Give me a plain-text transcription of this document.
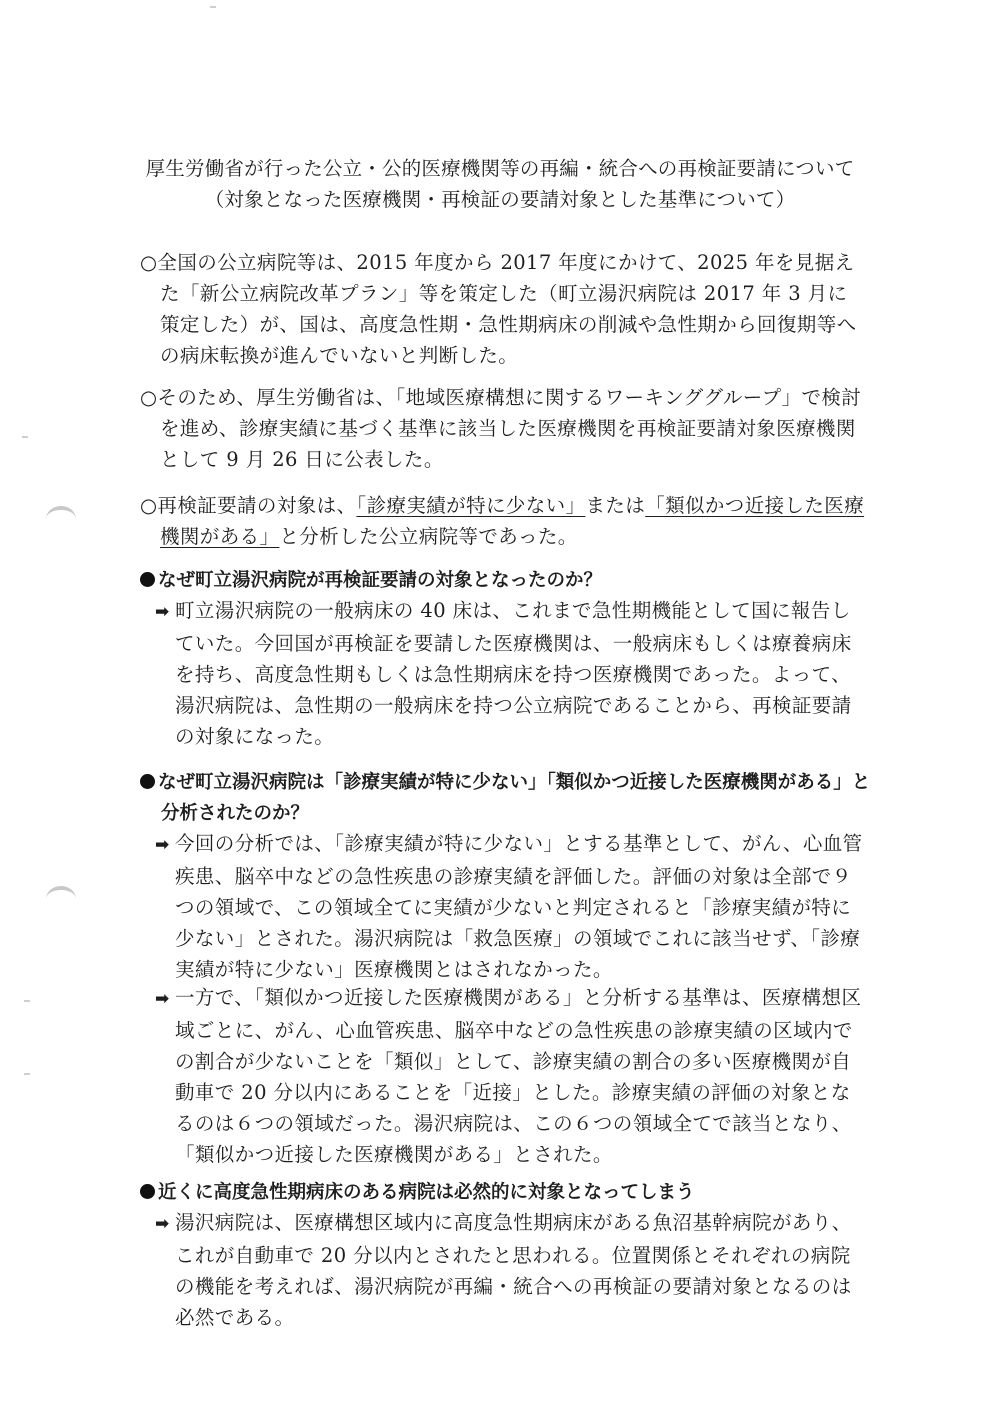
厚生労働省が行った公立・公的医療機関等の再編・統合への再検証要請について
（対象となった医療機関・再検証の要請対象とした基準について）
○全国の公立病院等は、2015 年度から 2017 年度にかけて、2025 年を見据えた「新公立病院改革プラン」等を策定した（町立湯沢病院は 2017 年 3 月に策定した）が、国は、高度急性期・急性期病床の削減や急性期から回復期等への病床転換が進んでいないと判断した。
○そのため、厚生労働省は、「地域医療構想に関するワーキンググループ」で検討を進め、診療実績に基づく基準に該当した医療機関を再検証要請対象医療機関として 9 月 26 日に公表した。
○再検証要請の対象は、「診療実績が特に少ない」または「類似かつ近接した医療機関がある」と分析した公立病院等であった。
なぜ町立湯沢病院が再検証要請の対象となったのか？
➡ 町立湯沢病院の一般病床の 40 床は、これまで急性期機能として国に報告していた。今回国が再検証を要請した医療機関は、一般病床もしくは療養病床を持ち、高度急性期もしくは急性期病床を持つ医療機関であった。よって、湯沢病院は、急性期の一般病床を持つ公立病院であることから、再検証要請の対象になった。
なぜ町立湯沢病院は「診療実績が特に少ない」「類似かつ近接した医療機関がある」と分析されたのか？
➡ 今回の分析では、「診療実績が特に少ない」とする基準として、がん、心血管疾患、脳卒中などの急性疾患の診療実績を評価した。評価の対象は全部で９つの領域で、この領域全てに実績が少ないと判定されると「診療実績が特に少ない」とされた。湯沢病院は「救急医療」の領域でこれに該当せず、「診療実績が特に少ない」医療機関とはされなかった。
➡ 一方で、「類似かつ近接した医療機関がある」と分析する基準は、医療構想区域ごとに、がん、心血管疾患、脳卒中などの急性疾患の診療実績の区域内での割合が少ないことを「類似」として、診療実績の割合の多い医療機関が自動車で 20 分以内にあることを「近接」とした。診療実績の評価の対象となるのは６つの領域だった。湯沢病院は、この６つの領域全てで該当となり、「類似かつ近接した医療機関がある」とされた。
近くに高度急性期病床のある病院は必然的に対象となってしまう
➡ 湯沢病院は、医療構想区域内に高度急性期病床がある魚沼基幹病院があり、これが自動車で 20 分以内とされたと思われる。位置関係とそれぞれの病院の機能を考えれば、湯沢病院が再編・統合への再検証の要請対象となるのは必然である。
